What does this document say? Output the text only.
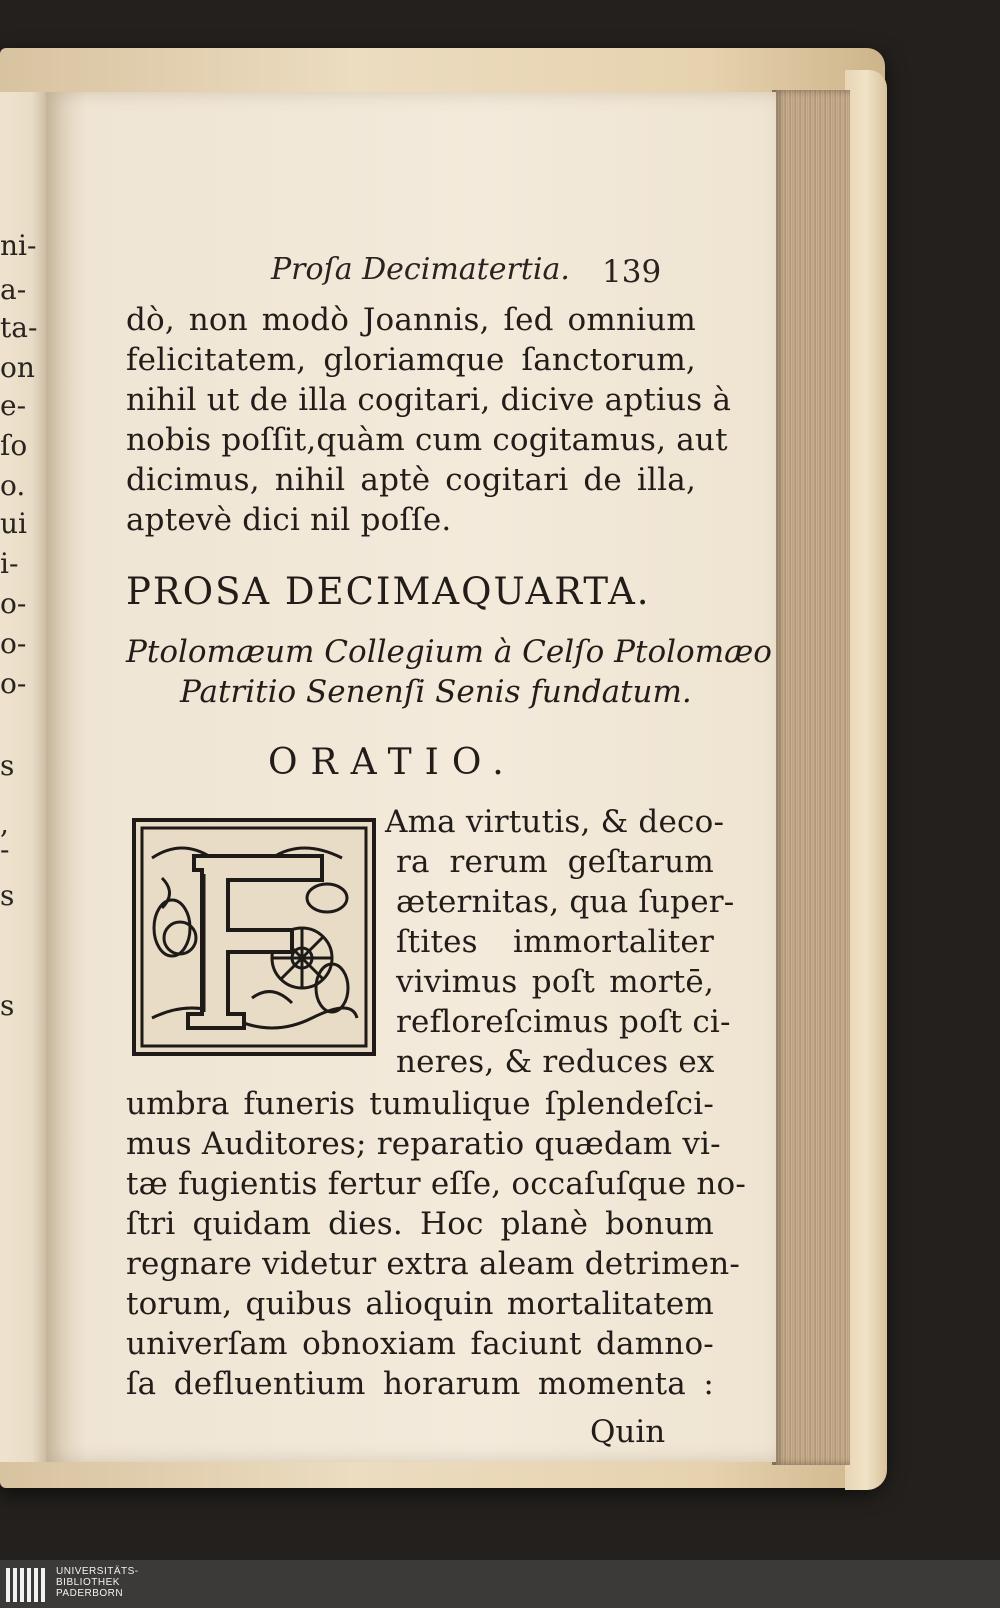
ni-
a-
ta-
on
e-
ſo
o.
ui
i-
o-
o-
o-
s
,
-
s
s
Proſa Decimatertia. 139
dò, non modò Joannis, ſed omnium
felicitatem, gloriamque ſanctorum,
nihil ut de illa cogitari, dicive aptius à
nobis poſſit,quàm cum cogitamus, aut
dicimus, nihil aptè cogitari de illa,
aptevè dici nil poſſe.
PROSA DECIMAQUARTA.
Ptolomæum Collegium à Celſo Ptolomæo
Patritio Senenſi Senis fundatum.
ORATIO.
Ama virtutis, & deco-
ra rerum geſtarum
æternitas, qua ſuper-
ſtites immortaliter
vivimus poſt mortē,
refloreſcimus poſt ci-
neres, & reduces ex
umbra funeris tumulique ſplendeſci-
mus Auditores; reparatio quædam vi-
tæ fugientis fertur eſſe, occaſuſque no-
ſtri quidam dies. Hoc planè bonum
regnare videtur extra aleam detrimen-
torum, quibus alioquin mortalitatem
univerſam obnoxiam faciunt damno-
ſa defluentium horarum momenta :
Quin
UNIVERSITÄTS-
BIBLIOTHEK
PADERBORN
